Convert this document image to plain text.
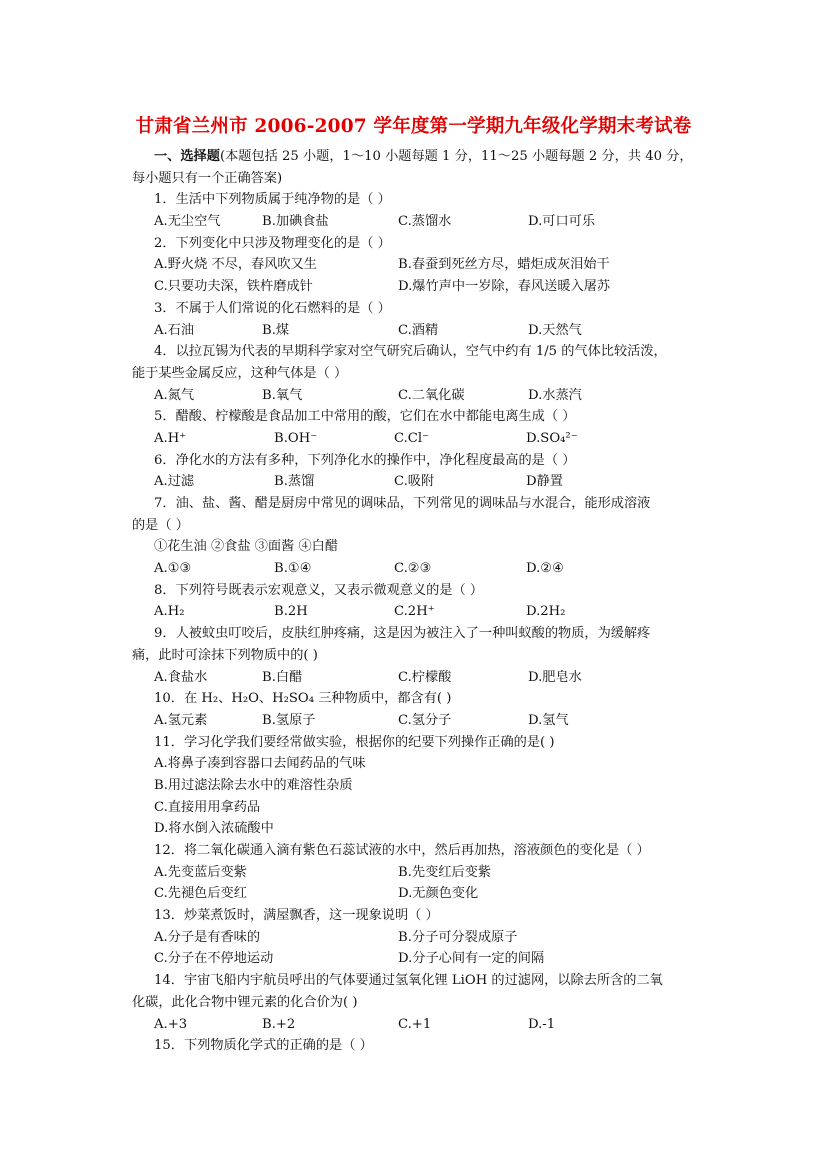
甘肃省兰州市 2006-2007 学年度第一学期九年级化学期末考试卷
一、选择题(本题包括 25 小题，1～10 小题每题 1 分，11～25 小题每题 2 分，共 40 分，
每小题只有一个正确答案)
1．生活中下列物质属于纯净物的是（ ）
A.无尘空气	B.加碘食盐	C.蒸馏水	D.可口可乐
2．下列变化中只涉及物理变化的是（ ）
A.野火烧 不尽，春风吹又生	B.春蚕到死丝方尽，蜡炬成灰泪始干
C.只要功夫深，铁杵磨成针	D.爆竹声中一岁除，春风送暖入屠苏
3．不属于人们常说的化石燃料的是（ ）
A.石油	B.煤	C.酒精	D.天然气
4．以拉瓦锡为代表的早期科学家对空气研究后确认，空气中约有 1/5 的气体比较活泼，
能于某些金属反应，这种气体是（ ）
A.氮气	B.氧气	C.二氧化碳	D.水蒸汽
5．醋酸、柠檬酸是食品加工中常用的酸，它们在水中都能电离生成（ ）
A.H⁺	B.OH⁻	C.Cl⁻	D.SO₄²⁻
6．净化水的方法有多种，下列净化水的操作中，净化程度最高的是（ ）
A.过滤	B.蒸馏	C.吸附	D静置
7．油、盐、酱、醋是厨房中常见的调味品，下列常见的调味品与水混合，能形成溶液
的是（ ）
①花生油 ②食盐 ③面酱 ④白醋
A.①③	B.①④	C.②③	D.②④
8．下列符号既表示宏观意义，又表示微观意义的是（ ）
A.H₂	B.2H	C.2H⁺	D.2H₂
9．人被蚊虫叮咬后，皮肤红肿疼痛，这是因为被注入了一种叫蚁酸的物质，为缓解疼
痛，此时可涂抹下列物质中的( )
A.食盐水	B.白醋	C.柠檬酸	D.肥皂水
10．在 H₂、H₂O、H₂SO₄ 三种物质中，都含有( )
A.氢元素	B.氢原子	C.氢分子	D.氢气
11．学习化学我们要经常做实验，根据你的纪要下列操作正确的是( )
A.将鼻子凑到容器口去闻药品的气味
B.用过滤法除去水中的难溶性杂质
C.直接用用拿药品
D.将水倒入浓硫酸中
12．将二氧化碳通入滴有紫色石蕊试液的水中，然后再加热，溶液颜色的变化是（ ）
A.先变蓝后变紫	B.先变红后变紫
C.先褪色后变红	D.无颜色变化
13．炒菜煮饭时，满屋飘香，这一现象说明（ ）
A.分子是有香味的	B.分子可分裂成原子
C.分子在不停地运动	D.分子心间有一定的间隔
14．宇宙飞船内宇航员呼出的气体要通过氢氧化锂 LiOH 的过滤网，以除去所含的二氧
化碳，此化合物中锂元素的化合价为( )
A.+3	B.+2	C.+1	D.-1
15．下列物质化学式的正确的是（ ）
